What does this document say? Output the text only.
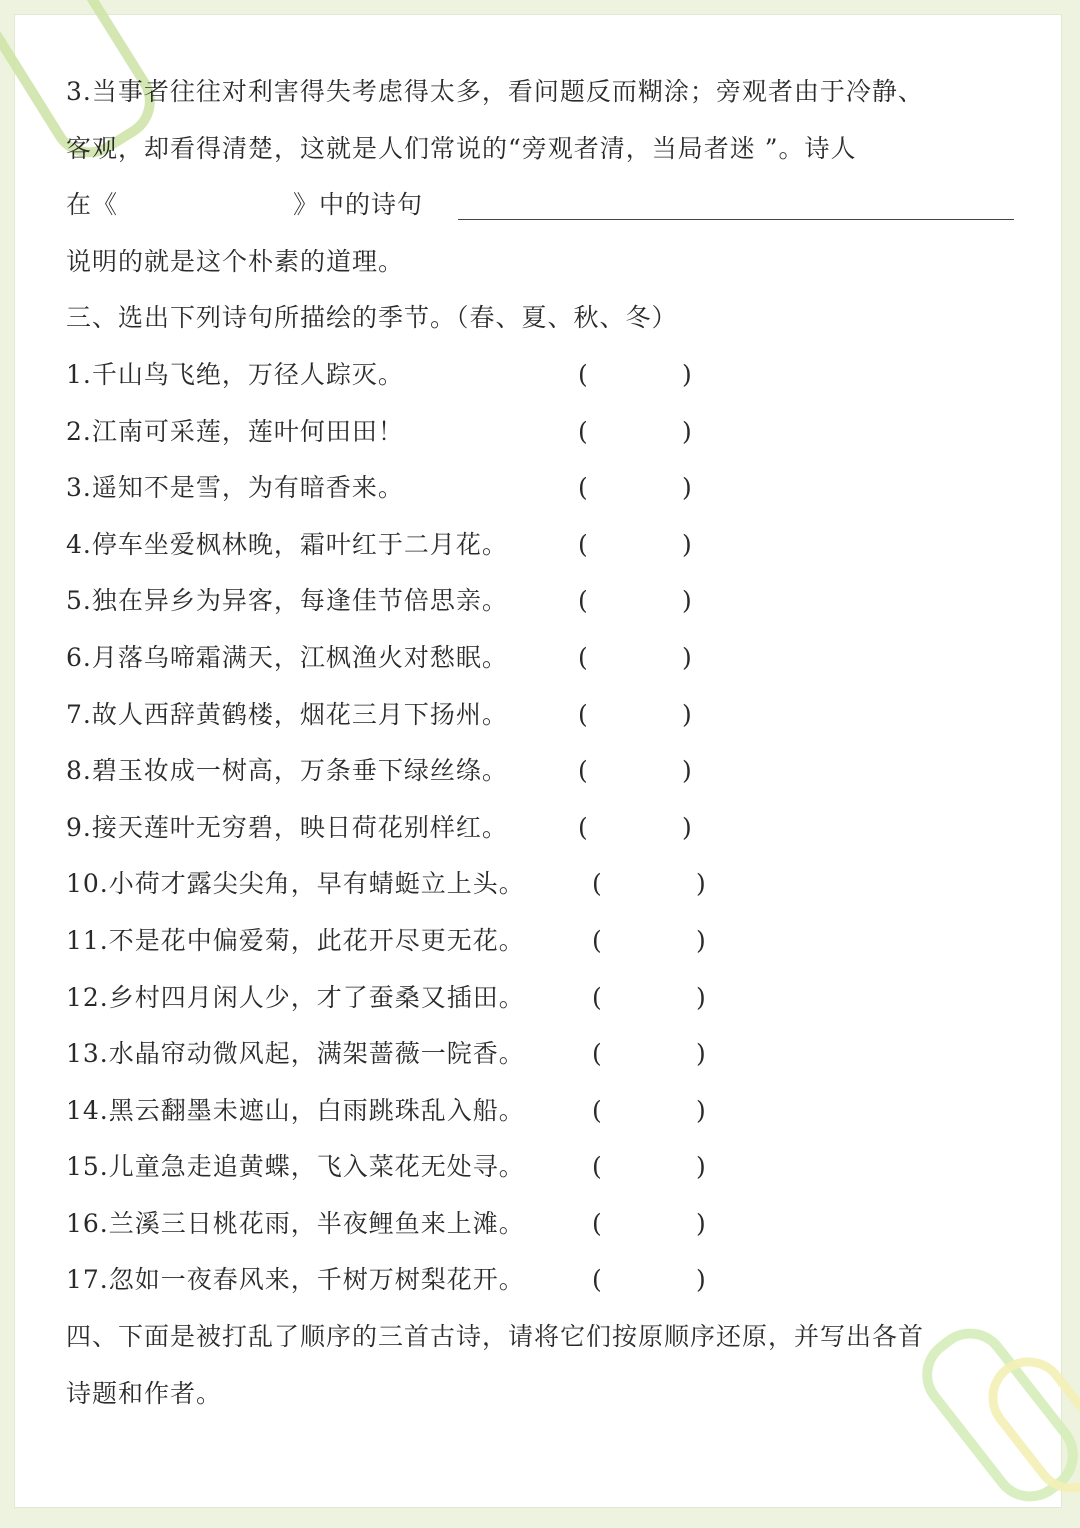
3.当事者往往对利害得失考虑得太多，看问题反而糊涂；旁观者由于冷静、
客观，却看得清楚，这就是人们常说的“旁观者清，当局者迷 ”。诗人
在《	》中的诗句
说明的就是这个朴素的道理。
三、选出下列诗句所描绘的季节。（春、夏、秋、冬）
1.千山鸟飞绝，万径人踪灭。	(	)
2.江南可采莲，莲叶何田田！	(	)
3.遥知不是雪，为有暗香来。	(	)
4.停车坐爱枫林晚，霜叶红于二月花。	(	)
5.独在异乡为异客，每逢佳节倍思亲。	(	)
6.月落乌啼霜满天，江枫渔火对愁眠。	(	)
7.故人西辞黄鹤楼，烟花三月下扬州。	(	)
8.碧玉妆成一树高，万条垂下绿丝绦。	(	)
9.接天莲叶无穷碧，映日荷花别样红。	(	)
10.小荷才露尖尖角，早有蜻蜓立上头。	(	)
11.不是花中偏爱菊，此花开尽更无花。	(	)
12.乡村四月闲人少，才了蚕桑又插田。	(	)
13.水晶帘动微风起，满架蔷薇一院香。	(	)
14.黑云翻墨未遮山，白雨跳珠乱入船。	(	)
15.儿童急走追黄蝶，飞入菜花无处寻。	(	)
16.兰溪三日桃花雨，半夜鲤鱼来上滩。	(	)
17.忽如一夜春风来，千树万树梨花开。	(	)
四、下面是被打乱了顺序的三首古诗，请将它们按原顺序还原，并写出各首
诗题和作者。
